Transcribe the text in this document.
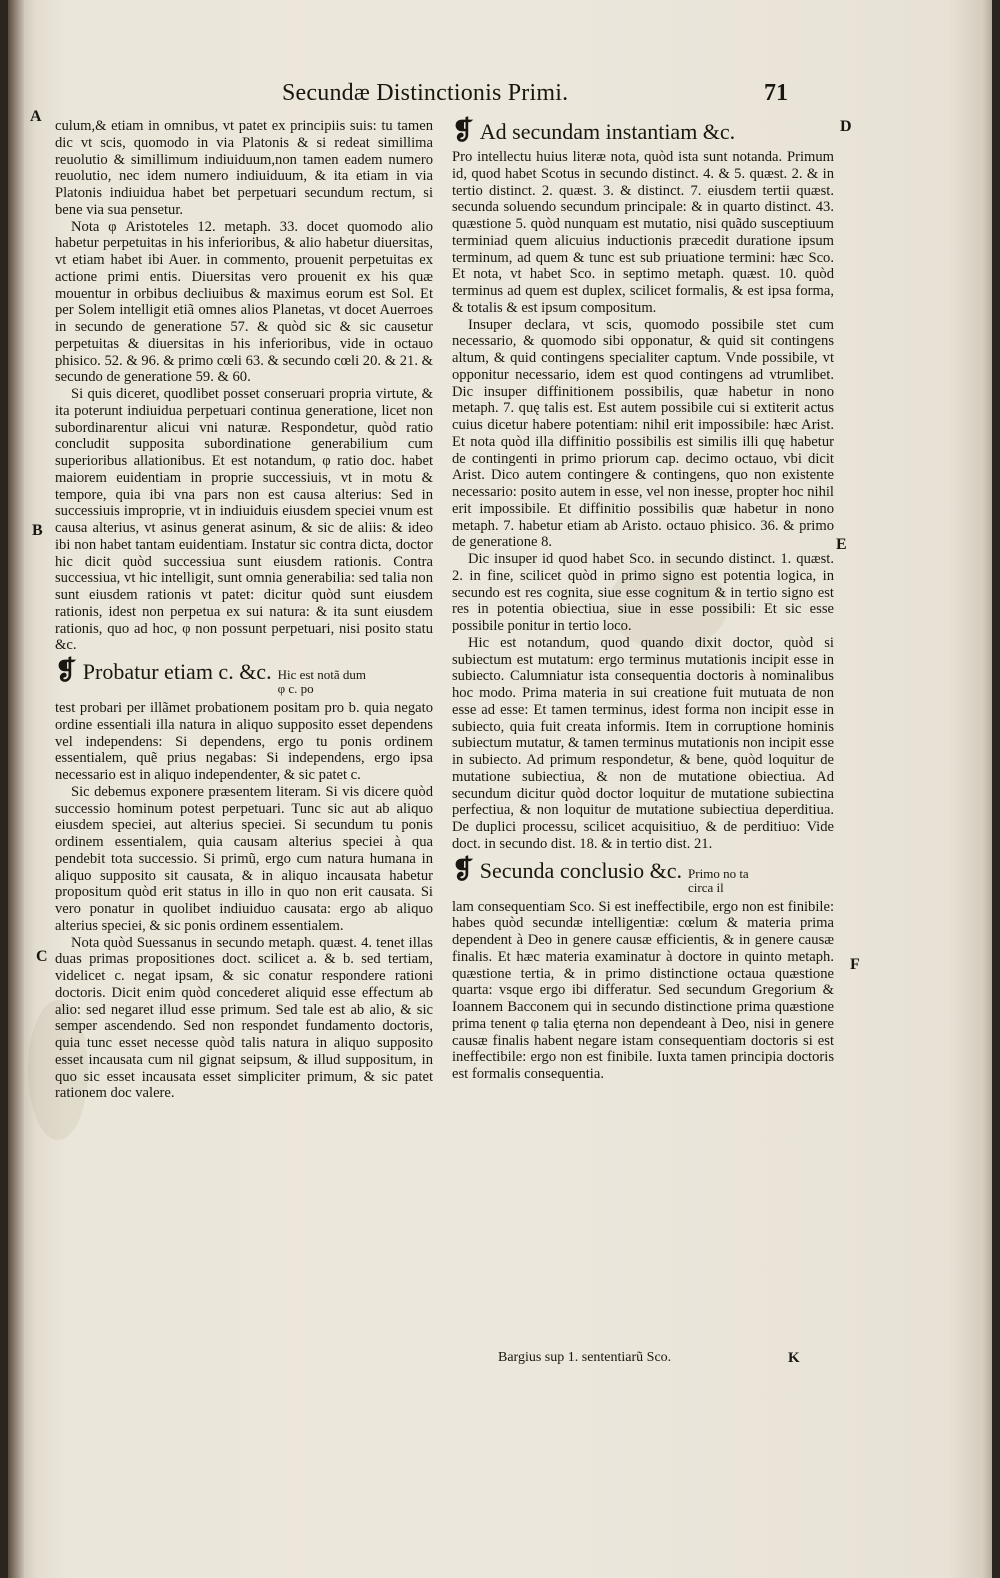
Secundæ Distinctionis Primi.	71
A
B
C
D
E
F

culum,& etiam in omnibus, vt patet ex principiis suis: tu tamen dic vt scis, quomodo in via Platonis & si redeat simillima reuolutio & simillimum indiuiduum,non tamen eadem numero reuolutio, nec idem numero indiuiduum, & ita etiam in via Platonis indiuidua habet bet perpetuari secundum rectum, si bene via sua pensetur.

Nota φ Aristoteles 12. metaph. 33. docet quomodo alio habetur perpetuitas in his inferioribus, & alio habetur diuersitas, vt etiam habet ibi Auer. in commento, prouenit perpetuitas ex actione primi entis. Diuersitas vero prouenit ex his quæ mouentur in orbibus decliuibus & maximus eorum est Sol. Et per Solem intelligit etiã omnes alios Planetas, vt docet Auerroes in secundo de generatione 57. & quòd sic & sic causetur perpetuitas & diuersitas in his inferioribus, vide in octauo phisico. 52. & 96. & primo cœli 63. & secundo cœli 20. & 21. & secundo de generatione 59. & 60.

Si quis diceret, quodlibet posset conseruari propria virtute, & ita poterunt indiuidua perpetuari continua generatione, licet non subordinarentur alicui vni naturæ. Respondetur, quòd ratio concludit supposita subordinatione generabilium cum superioribus allationibus. Et est notandum, φ ratio doc. habet maiorem euidentiam in proprie successiuis, vt in motu & tempore, quia ibi vna pars non est causa alterius: Sed in successiuis improprie, vt in indiuiduis eiusdem speciei vnum est causa alterius, vt asinus generat asinum, & sic de aliis: & ideo ibi non habet tantam euidentiam. Instatur sic contra dicta, doctor hic dicit quòd successiua sunt eiusdem rationis. Contra successiua, vt hic intelligit, sunt omnia generabilia: sed talia non sunt eiusdem rationis vt patet: dicitur quòd sunt eiusdem rationis, idest non perpetua ex sui natura: & ita sunt eiusdem rationis, quo ad hoc, φ non possunt perpetuari, nisi posito statu &c.

❡ Probatur etiam c. &c. Hic est notã dum φ c. po

test probari per illãmet probationem positam pro b. quia negato ordine essentiali illa natura in aliquo supposito esset dependens vel independens: Si dependens, ergo tu ponis ordinem essentialem, quẽ prius negabas: Si independens, ergo ipsa necessario est in aliquo independenter, & sic patet c.

Sic debemus exponere præsentem literam. Si vis dicere quòd successio hominum potest perpetuari. Tunc sic aut ab aliquo eiusdem speciei, aut alterius speciei. Si secundum tu ponis ordinem essentialem, quia causam alterius speciei à qua pendebit tota successio. Si primũ, ergo cum natura humana in aliquo supposito sit causata, & in aliquo incausata habetur propositum quòd erit status in illo in quo non erit causata. Si vero ponatur in quolibet indiuiduo causata: ergo ab aliquo alterius speciei, & sic ponis ordinem essentialem.

Nota quòd Suessanus in secundo metaph. quæst. 4. tenet illas duas primas propositiones doct. scilicet a. & b. sed tertiam, videlicet c. negat ipsam, & sic conatur respondere rationi doctoris. Dicit enim quòd concederet aliquid esse effectum ab alio: sed negaret illud esse primum. Sed tale est ab alio, & sic semper ascendendo. Sed non respondet fundamento doctoris, quia tunc esset necesse quòd talis natura in aliquo supposito esset incausata cum nil gignat seipsum, & illud suppositum, in quo sic esset incausata esset simpliciter primum, & sic patet rationem doc valere.

❡ Ad secundam instantiam &c.

Pro intellectu huius literæ nota, quòd ista sunt notanda. Primum id, quod habet Scotus in secundo distinct. 4. & 5. quæst. 2. & in tertio distinct. 2. quæst. 3. & distinct. 7. eiusdem tertii quæst. secunda soluendo secundum principale: & in quarto distinct. 43. quæstione 5. quòd nunquam est mutatio, nisi quãdo susceptiuum terminiad quem alicuius inductionis præcedit duratione ipsum terminum, ad quem & tunc est sub priuatione termini: hæc Sco. Et nota, vt habet Sco. in septimo metaph. quæst. 10. quòd terminus ad quem est duplex, scilicet formalis, & est ipsa forma, & totalis & est ipsum compositum.

Insuper declara, vt scis, quomodo possibile stet cum necessario, & quomodo sibi opponatur, & quid sit contingens altum, & quid contingens specialiter captum. Vnde possibile, vt opponitur necessario, idem est quod contingens ad vtrumlibet. Dic insuper diffinitionem possibilis, quæ habetur in nono metaph. 7. quę talis est. Est autem possibile cui si extiterit actus cuius dicetur habere potentiam: nihil erit impossibile: hæc Arist. Et nota quòd illa diffinitio possibilis est similis illi quę habetur de contingenti in primo priorum cap. decimo octauo, vbi dicit Arist. Dico autem contingere & contingens, quo non existente necessario: posito autem in esse, vel non inesse, propter hoc nihil erit impossibile. Et diffinitio possibilis quæ habetur in nono metaph. 7. habetur etiam ab Aristo. octauo phisico. 36. & primo de generatione 8.

Dic insuper id quod habet Sco. in secundo distinct. 1. quæst. 2. in fine, scilicet quòd in primo signo est potentia logica, in secundo est res cognita, siue esse cognitum & in tertio signo est res in potentia obiectiua, siue in esse possibili: Et sic esse possibile ponitur in tertio loco.

Hic est notandum, quod quando dixit doctor, quòd si subiectum est mutatum: ergo terminus mutationis incipit esse in subiecto. Calumniatur ista consequentia doctoris à nominalibus hoc modo. Prima materia in sui creatione fuit mutuata de non esse ad esse: Et tamen terminus, idest forma non incipit esse in subiecto, quia fuit creata informis. Item in corruptione hominis subiectum mutatur, & tamen terminus mutationis non incipit esse in subiecto. Ad primum respondetur, & bene, quòd loquitur de mutatione subiectiua, & non de mutatione obiectiua. Ad secundum dicitur quòd doctor loquitur de mutatione subiectina perfectiua, & non loquitur de mutatione subiectiua deperditiua. De duplici processu, scilicet acquisitiuo, & de perditiuo: Vide doct. in secundo dist. 18. & in tertio dist. 21.

❡ Secunda conclusio &c. Primo no ta circa il

lam consequentiam Sco. Si est ineffectibile, ergo non est finibile: habes quòd secundæ intelligentiæ: cœlum & materia prima dependent à Deo in genere causæ efficientis, & in genere causæ finalis. Et hæc materia examinatur à doctore in quinto metaph. quæstione tertia, & in primo distinctione octaua quæstione quarta: vsque ergo ibi differatur. Sed secundum Gregorium & Ioannem Bacconem qui in secundo distinctione prima quæstione prima tenent φ talia ęterna non dependeant à Deo, nisi in genere causæ finalis habent negare istam consequentiam doctoris si est ineffectibile: ergo non est finibile. Iuxta tamen principia doctoris est formalis consequentia.

Bargius sup 1. sententiarũ Sco.	K
